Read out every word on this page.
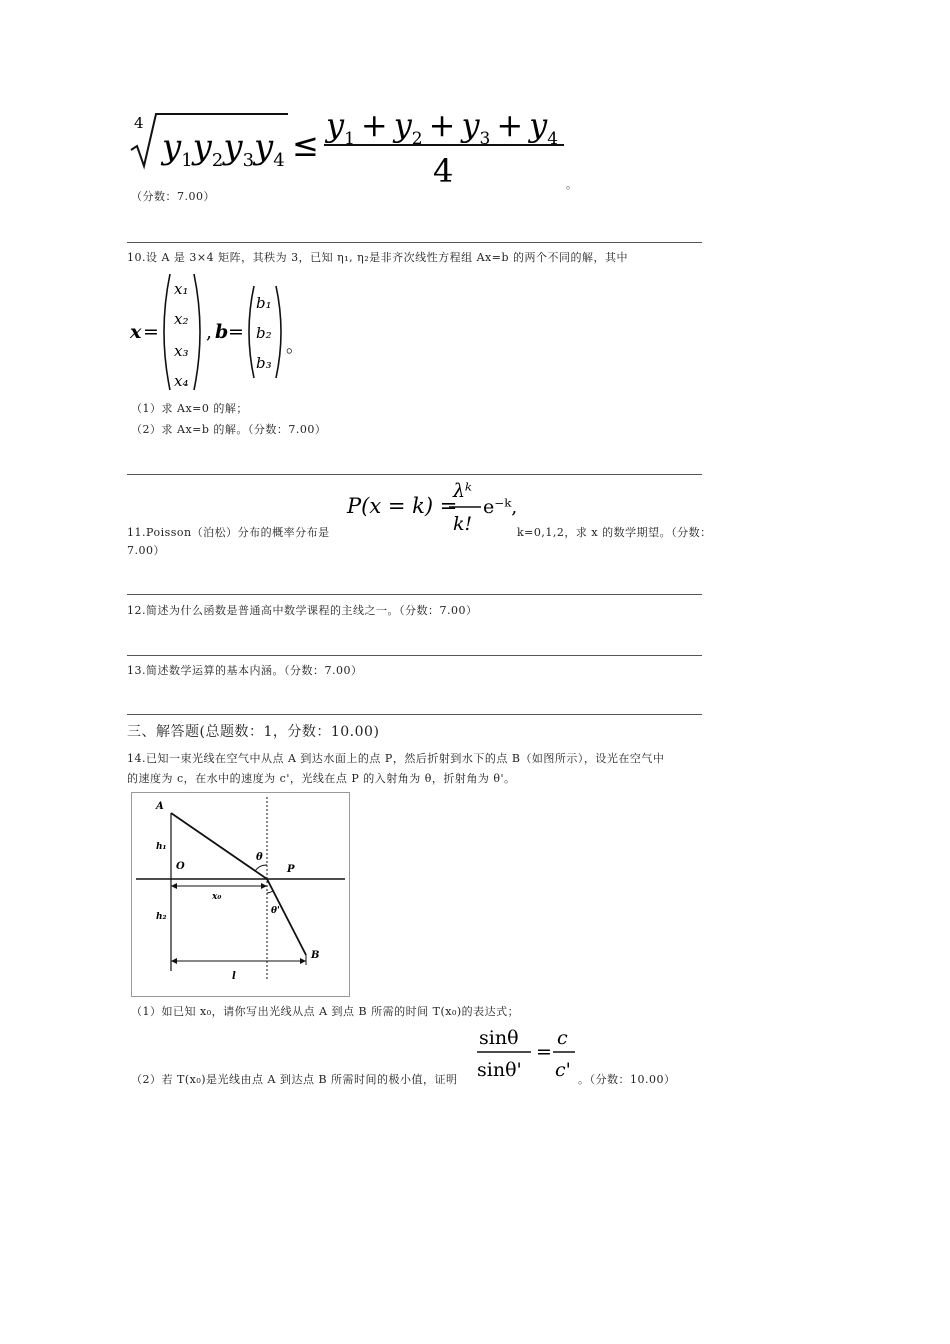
4
$y_1y_2y_3y_4$ ≤
$y_1 + y_2 + y_3 + y_4$
4	。
（分数：7.00）
10.设 A 是 3×4 矩阵，其秩为 3，已知 η₁, η₂是非齐次线性方程组 Ax=b 的两个不同的解，其中
x =
x₁
x₂
x₃
x₄
, b =
b₁
b₂
b₃
。
（1）求 Ax=0 的解；
（2）求 Ax=b 的解。（分数：7.00）
P(x = k) =
λᵏ
k!
e⁻ᵏ,
11.Poisson（泊松）分布的概率分布是	k=0,1,2，求 x 的数学期望。（分数：
7.00）
12.简述为什么函数是普通高中数学课程的主线之一。（分数：7.00）
13.简述数学运算的基本内涵。（分数：7.00）
三、解答题(总题数：1，分数：10.00)
14.已知一束光线在空气中从点 A 到达水面上的点 P，然后折射到水下的点 B（如图所示），设光在空气中
的速度为 c，在水中的速度为 c'，光线在点 P 的入射角为 θ，折射角为 θ'。
A
h₁
O
θ
P
x₀
h₂
θ'
B
l
（1）如已知 x₀，请你写出光线从点 A 到点 B 所需的时间 T(x₀)的表达式；
sinθ
sinθ'
=
c
c'
（2）若 T(x₀)是光线由点 A 到达点 B 所需时间的极小值，证明	。（分数：10.00）
